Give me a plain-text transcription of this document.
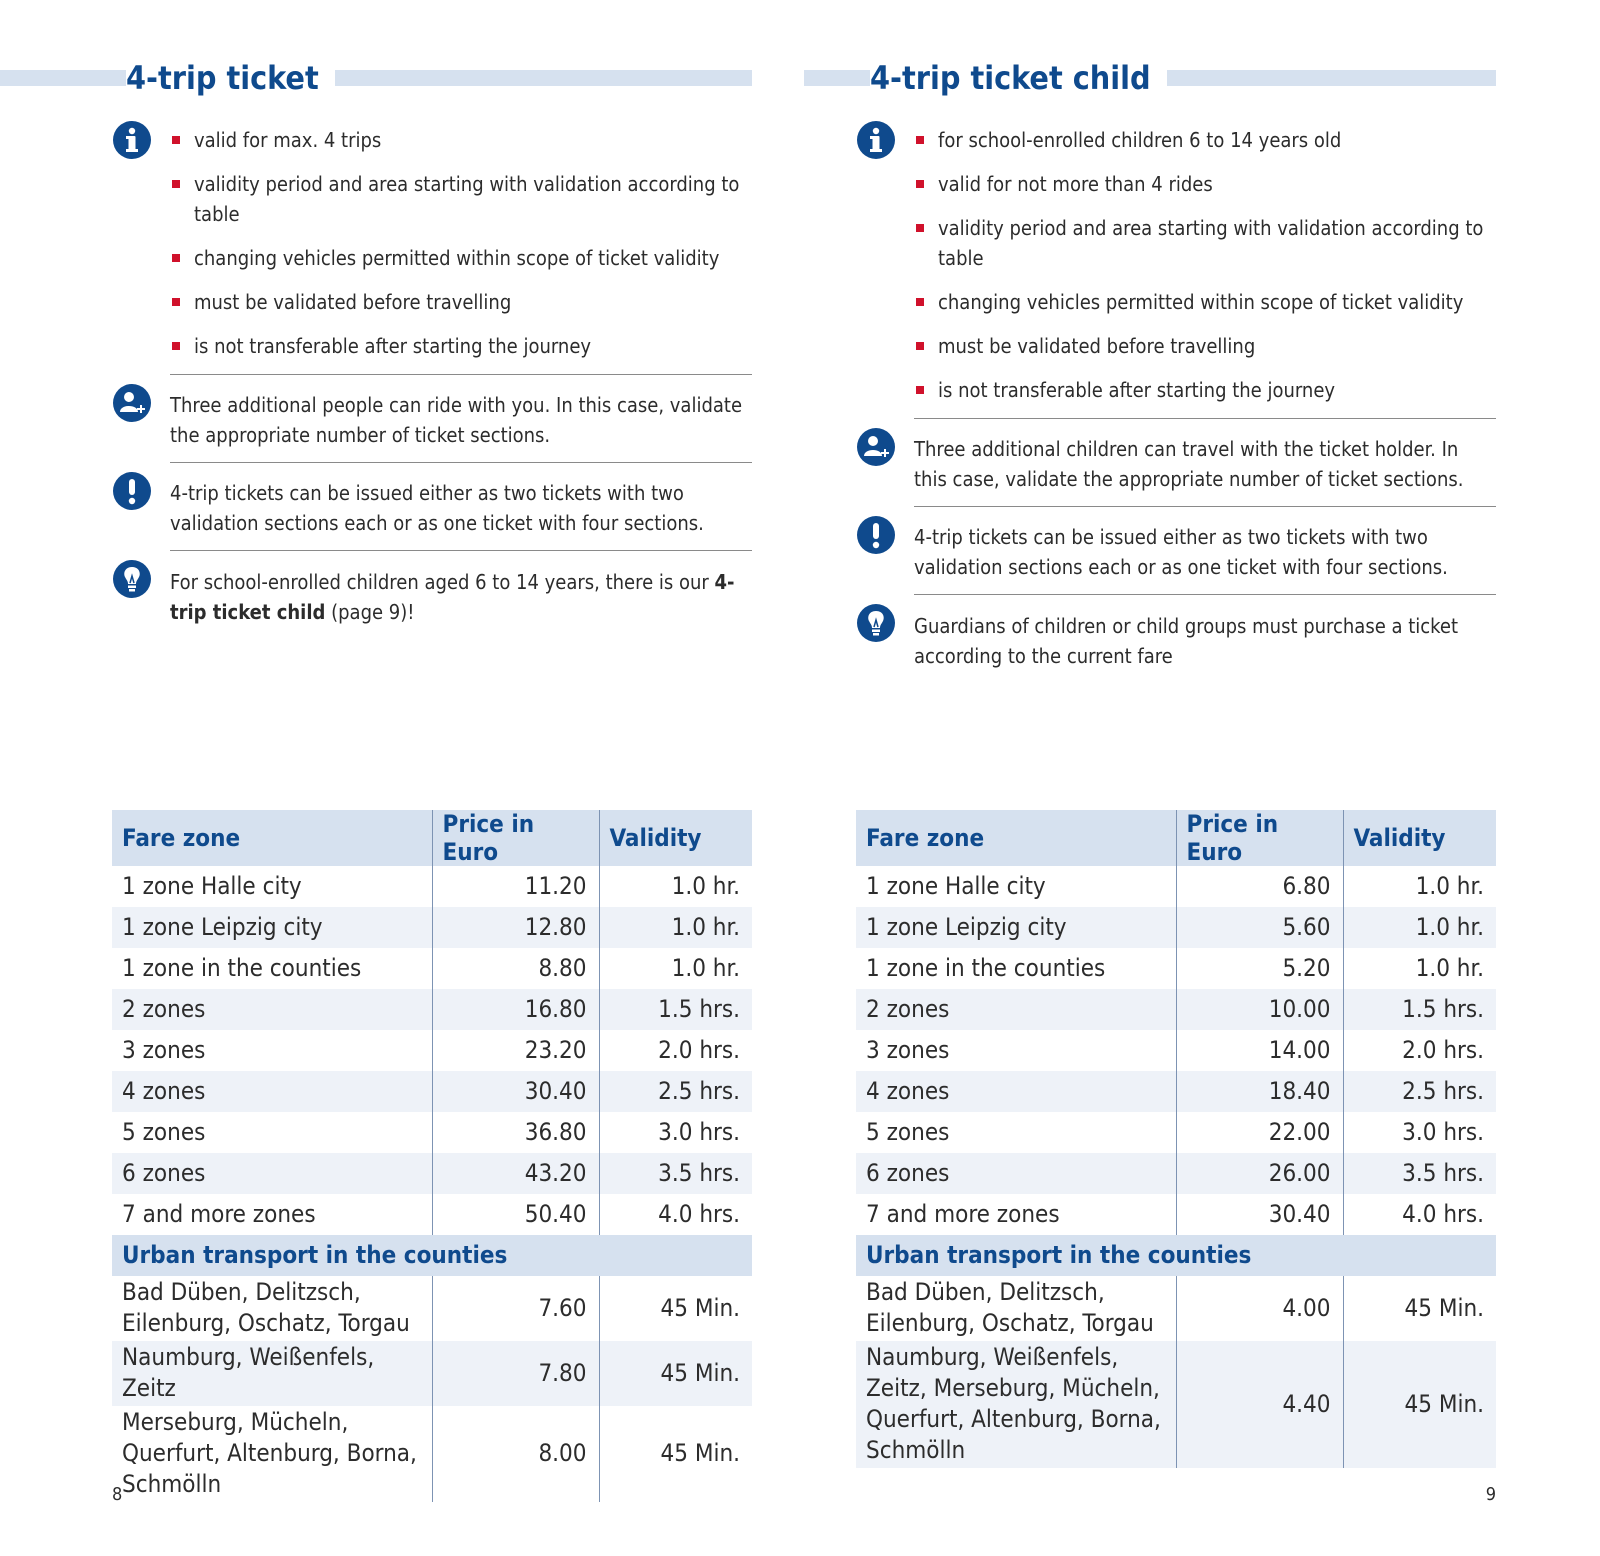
4-trip ticket
valid for max. 4 trips
validity period and area starting with validation according to table
changing vehicles permitted within scope of ticket validity
must be validated before travelling
is not transferable after starting the journey
Three additional people can ride with you. In this case, validate the appropriate number of ticket sections.
4-trip tickets can be issued either as two tickets with two validation sections each or as one ticket with four sections.
For school-enrolled children aged 6 to 14 years, there is our 4-trip ticket child (page 9)!
Fare zone	Price in Euro	Validity
1 zone Halle city	11.20	1.0 hr.
1 zone Leipzig city	12.80	1.0 hr.
1 zone in the counties	8.80	1.0 hr.
2 zones	16.80	1.5 hrs.
3 zones	23.20	2.0 hrs.
4 zones	30.40	2.5 hrs.
5 zones	36.80	3.0 hrs.
6 zones	43.20	3.5 hrs.
7 and more zones	50.40	4.0 hrs.
Urban transport in the counties		
Bad Düben, Delitzsch, Eilenburg, Oschatz, Torgau	7.60	45 Min.
Naumburg, Weißenfels, Zeitz	7.80	45 Min.
Merseburg, Mücheln, Querfurt, Altenburg, Borna, Schmölln	8.00	45 Min.
8
4-trip ticket child
for school-enrolled children 6 to 14 years old
valid for not more than 4 rides
validity period and area starting with validation according to table
changing vehicles permitted within scope of ticket validity
must be validated before travelling
is not transferable after starting the journey
Three additional children can travel with the ticket holder. In this case, validate the appropriate number of ticket sections.
4-trip tickets can be issued either as two tickets with two validation sections each or as one ticket with four sections.
Guardians of children or child groups must purchase a ticket according to the current fare
Fare zone	Price in Euro	Validity
1 zone Halle city	6.80	1.0 hr.
1 zone Leipzig city	5.60	1.0 hr.
1 zone in the counties	5.20	1.0 hr.
2 zones	10.00	1.5 hrs.
3 zones	14.00	2.0 hrs.
4 zones	18.40	2.5 hrs.
5 zones	22.00	3.0 hrs.
6 zones	26.00	3.5 hrs.
7 and more zones	30.40	4.0 hrs.
Urban transport in the counties		
Bad Düben, Delitzsch, Eilenburg, Oschatz, Torgau	4.00	45 Min.
Naumburg, Weißenfels, Zeitz, Merseburg, Mücheln, Querfurt, Altenburg, Borna, Schmölln	4.40	45 Min.
9
